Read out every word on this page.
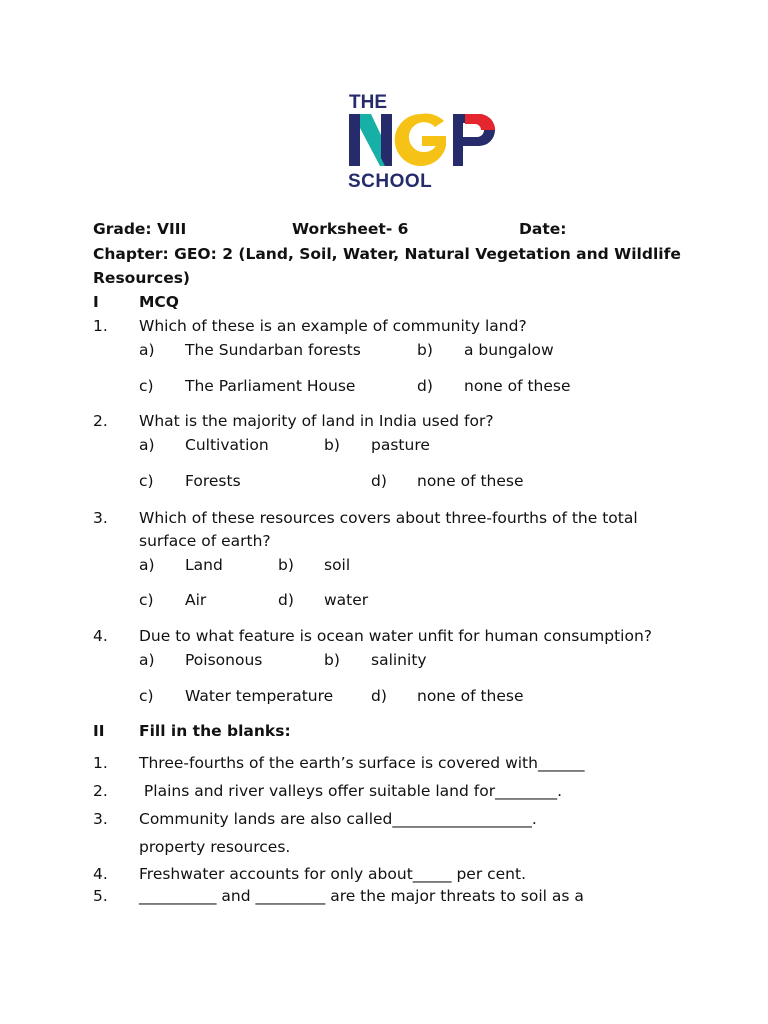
THE
SCHOOL
Grade: VIII	Worksheet- 6	Date:
Chapter: GEO: 2 (Land, Soil, Water, Natural Vegetation and Wildlife
Resources)
I	MCQ
1. Which of these is an example of community land?
a) The Sundarban forests	b) a bungalow
c) The Parliament House	d) none of these
2. What is the majority of land in India used for?
a) Cultivation	b) pasture
c) Forests	d) none of these
3. Which of these resources covers about three-fourths of the total
surface of earth?
a) Land	b) soil
c) Air	d) water
4. Due to what feature is ocean water unfit for human consumption?
a) Poisonous	b) salinity
c) Water temperature d) none of these
II Fill in the blanks:
1. Three-fourths of the earth’s surface is covered with______
2. Plains and river valleys offer suitable land for________.
3. Community lands are also called__________________.
property resources.
4. Freshwater accounts for only about_____ per cent.
5. __________ and _________ are the major threats to soil as a
